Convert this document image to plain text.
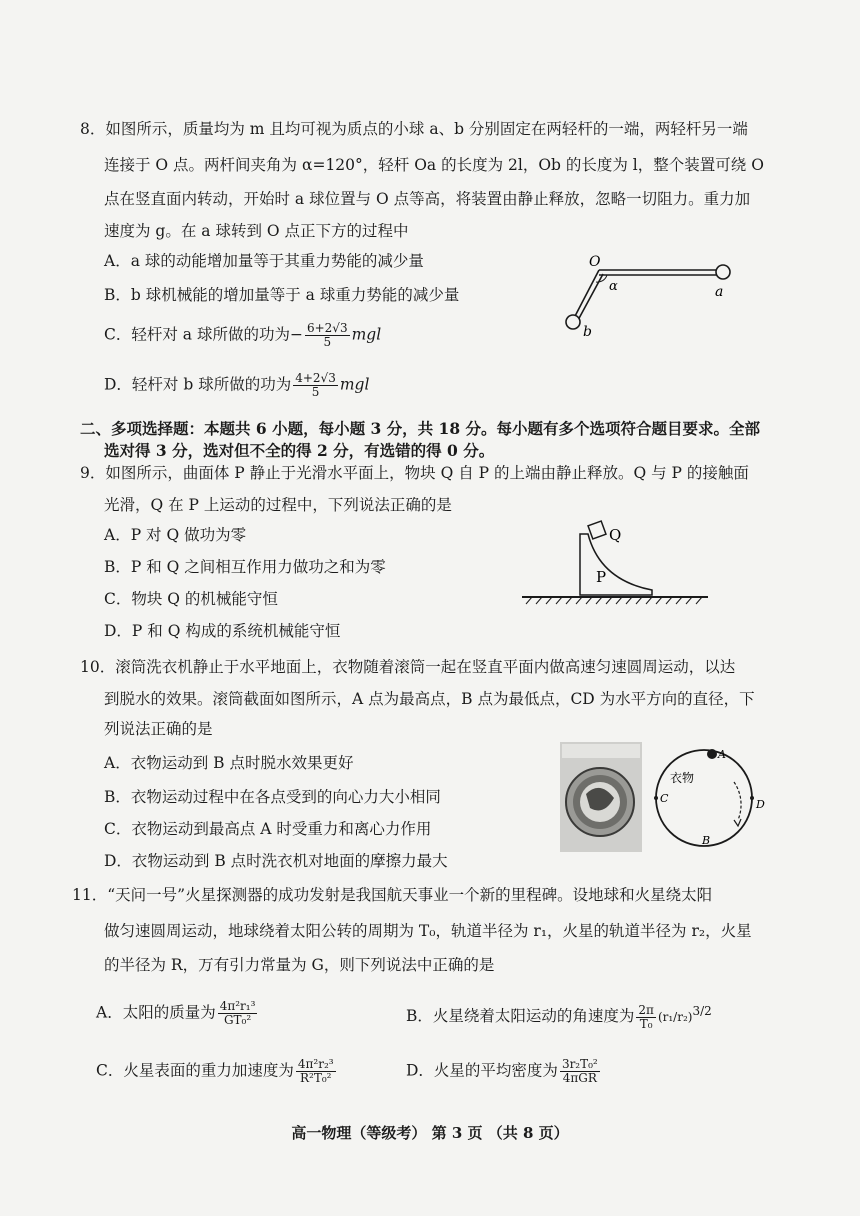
8．如图所示，质量均为 m 且均可视为质点的小球 a、b 分别固定在两轻杆的一端，两轻杆另一端
连接于 O 点。两杆间夹角为 α=120°，轻杆 Oa 的长度为 2l，Ob 的长度为 l，整个装置可绕 O
点在竖直面内转动，开始时 a 球位置与 O 点等高，将装置由静止释放，忽略一切阻力。重力加
速度为 g。在 a 球转到 O 点正下方的过程中
A．a 球的动能增加量等于其重力势能的减少量
B．b 球机械能的增加量等于 a 球重力势能的减少量
C．轻杆对 a 球所做的功为− $\frac{6+2√3}{5}$ mgl
D．轻杆对 b 球所做的功为 $\frac{4+2√3}{5}$ mgl
O
α	a
b
二、多项选择题：本题共 6 小题，每小题 3 分，共 18 分。每小题有多个选项符合题目要求。全部
选对得 3 分，选对但不全的得 2 分，有选错的得 0 分。
9．如图所示，曲面体 P 静止于光滑水平面上，物块 Q 自 P 的上端由静止释放。Q 与 P 的接触面
光滑，Q 在 P 上运动的过程中，下列说法正确的是
A．P 对 Q 做功为零
B．P 和 Q 之间相互作用力做功之和为零
C．物块 Q 的机械能守恒
D．P 和 Q 构成的系统机械能守恒
Q
P
10．滚筒洗衣机静止于水平地面上，衣物随着滚筒一起在竖直平面内做高速匀速圆周运动，以达
到脱水的效果。滚筒截面如图所示，A 点为最高点，B 点为最低点，CD 为水平方向的直径，下
列说法正确的是
A．衣物运动到 B 点时脱水效果更好
B．衣物运动过程中在各点受到的向心力大小相同
C．衣物运动到最高点 A 时受重力和离心力作用
D．衣物运动到 B 点时洗衣机对地面的摩擦力最大
A
B
C	D
衣物
11．“天问一号”火星探测器的成功发射是我国航天事业一个新的里程碑。设地球和火星绕太阳
做匀速圆周运动，地球绕着太阳公转的周期为 T₀，轨道半径为 r₁，火星的轨道半径为 r₂，火星
的半径为 R，万有引力常量为 G，则下列说法中正确的是
A．太阳的质量为 $\frac{\text{4π²r₁³}}{\text{GT₀²}}$	B．火星绕着太阳运动的角速度为 $\frac{2\pi}{\text{T₀}} (r_1/r_2)^{3/2}$
C．火星表面的重力加速度为 $\frac{\text{4π²r₂³}}{\text{R²T₀²}}$	D．火星的平均密度为 $\frac{\text{3r₂T₀²}}{\text{4πGR}}$
高一物理（等级考） 第 3 页 （共 8 页）
